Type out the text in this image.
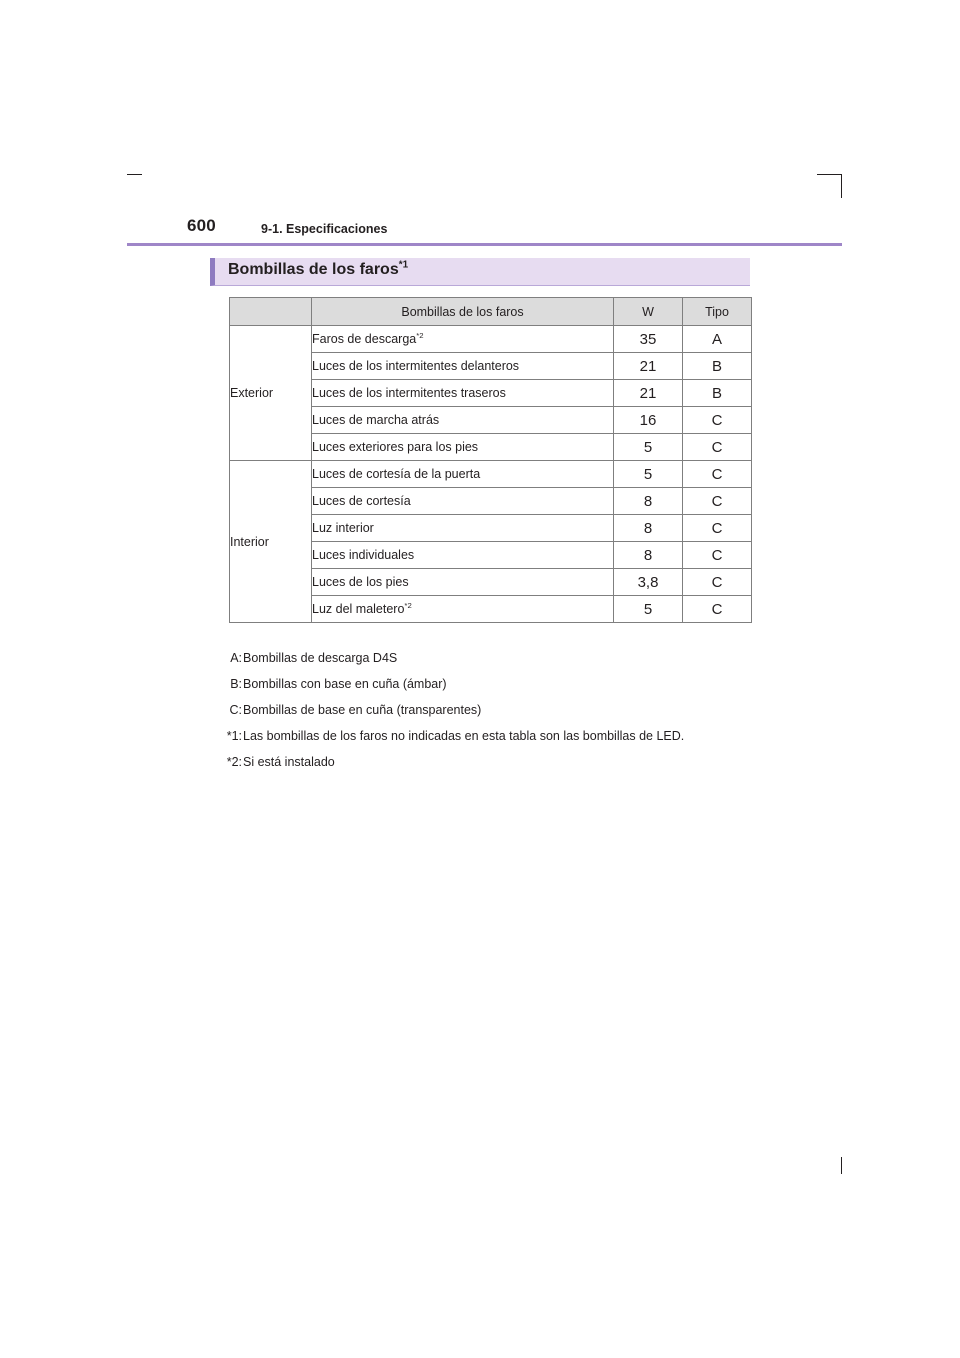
600	9-1. Especificaciones
Bombillas de los faros$^{*1}$
	Bombillas de los faros	W	Tipo
Exterior	Faros de descarga$^{*2}$	35	A
	Luces de los intermitentes delanteros	21	B
	Luces de los intermitentes traseros	21	B
	Luces de marcha atrás	16	C
	Luces exteriores para los pies	5	C
Interior	Luces de cortesía de la puerta	5	C
	Luces de cortesía	8	C
	Luz interior	8	C
	Luces individuales	8	C
	Luces de los pies	3,8	C
	Luz del maletero$^{*2}$	5	C
A: Bombillas de descarga D4S
B: Bombillas con base en cuña (ámbar)
C: Bombillas de base en cuña (transparentes)
*1: Las bombillas de los faros no indicadas en esta tabla son las bombillas de LED.
*2: Si está instalado
